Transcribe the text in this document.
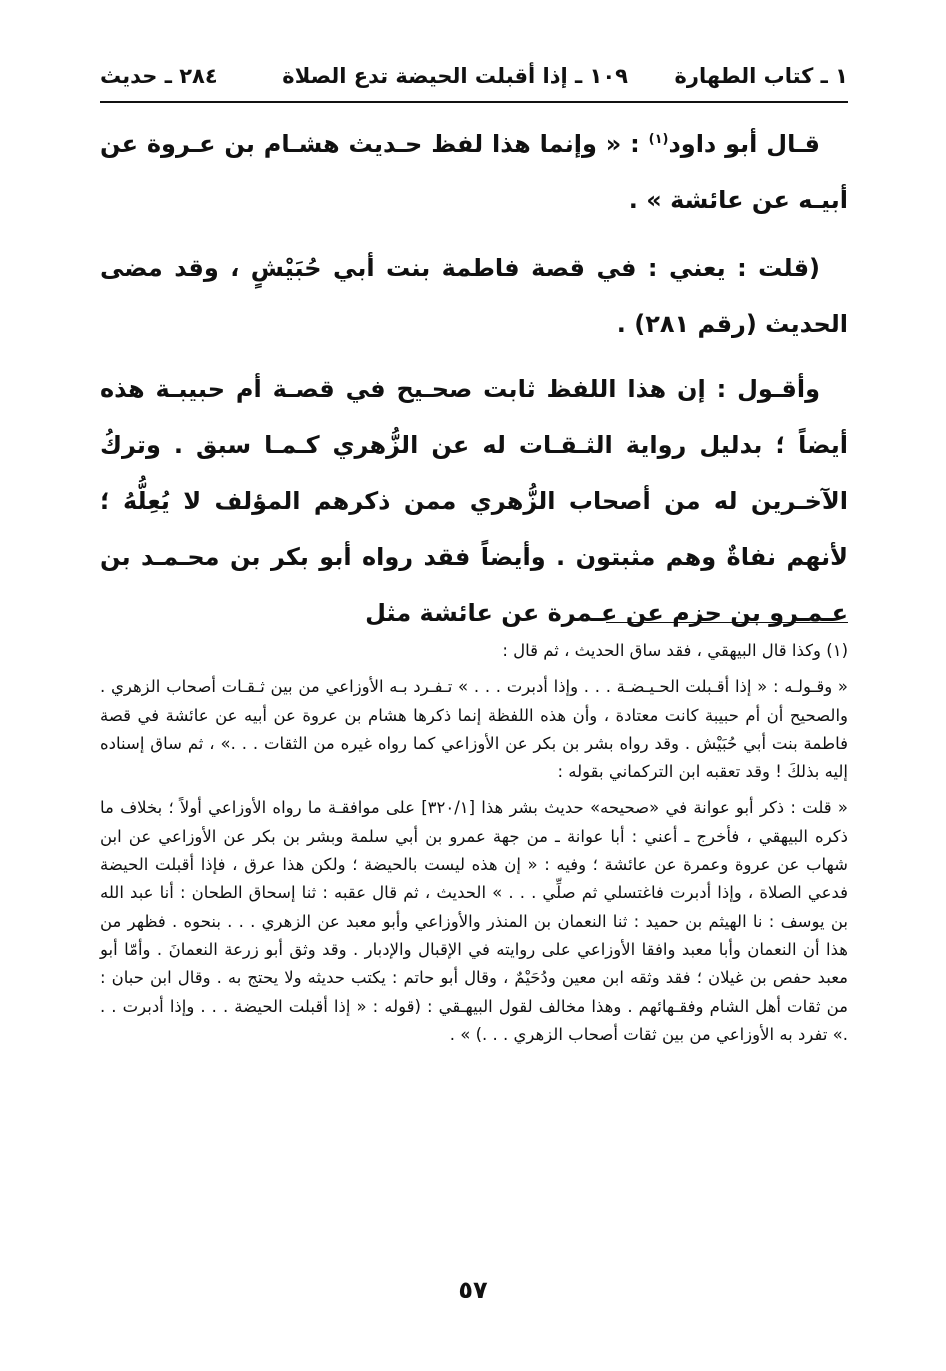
١ ـ كتاب الطهارة
١٠٩ ـ إذا أقبلت الحيضة تدع الصلاة
٢٨٤ ـ حديث

قـال أبو داود$^{(١)}$ : « وإنما هذا لفظ حـديث هشـام بن عـروة عن أبيـه عن عائشة » .

(قلت : يعني : في قصة فاطمة بنت أبي حُبَيْشٍ ، وقد مضى الحديث (رقم ٢٨١) .

وأقـول : إن هذا اللفظ ثابت صحـيح في قصـة أم حبيبـة هذه أيضاً ؛ بدليل رواية الثـقـات له عن الزُّهري كـمـا سبق . وتركُ الآخـرين له من أصحاب الزُّهري ممن ذكرهم المؤلف لا يُعِلُّهُ ؛ لأنهم نفاةٌ وهم مثبتون . وأيضاً فقد رواه أبو بكر بن محـمـد بن عـمـرو بن حزم عن عـمرة عن عائشة مثل

(١) وكذا قال البيهقي ، فقد ساق الحديث ، ثم قال :

« وقـولـه : « إذا أقـبلت الحـيـضـة . . . وإذا أدبرت . . . » تـفـرد بـه الأوزاعي من بين ثـقـات أصحاب الزهري . والصحيح أن أم حبيبة كانت معتادة ، وأن هذه اللفظة إنما ذكرها هشام بن عروة عن أبيه عن عائشة في قصة فاطمة بنت أبي حُبَيْش . وقد رواه بشر بن بكر عن الأوزاعي كما رواه غيره من الثقات . . .» ، ثم ساق إسناده إليه بذلكَ ! وقد تعقبه ابن التركماني بقوله :

« قلت : ذكر أبو عوانة في «صحيحه» حديث بشر هذا [٣٢٠/١] على موافقـة ما رواه الأوزاعي أولاً ؛ بخلاف ما ذكره البيهقي ، فأخرج ـ أعني : أبا عوانة ـ من جهة عمرو بن أبي سلمة وبشر بن بكر عن الأوزاعي عن ابن شهاب عن عروة وعمرة عن عائشة ؛ وفيه : « إن هذه ليست بالحيضة ؛ ولكن هذا عرق ، فإذا أقبلت الحيضة فدعي الصلاة ، وإذا أدبرت فاغتسلي ثم صلِّي . . . » الحديث ، ثم قال عقبه : ثنا إسحاق الطحان : أنا عبد الله بن يوسف : نا الهيثم بن حميد : ثنا النعمان بن المنذر والأوزاعي وأبو معبد عن الزهري . . . بنحوه . فظهر من هذا أن النعمان وأبا معبد وافقا الأوزاعي على روايته في الإقبال والإدبار . وقد وثق أبو زرعة النعمانَ . وأمّا أبو معبد حفص بن غيلان ؛ فقد وثقه ابن معين ودُحَيْمٌ ، وقال أبو حاتم : يكتب حديثه ولا يحتج به . وقال ابن حبان : من ثقات أهل الشام وفقـهائهم . وهذا مخالف لقول البيهـقي : (قوله : « إذا أقبلت الحيضة . . . وإذا أدبرت . . .» تفرد به الأوزاعي من بين ثقات أصحاب الزهري . . .) » .

٥٧
